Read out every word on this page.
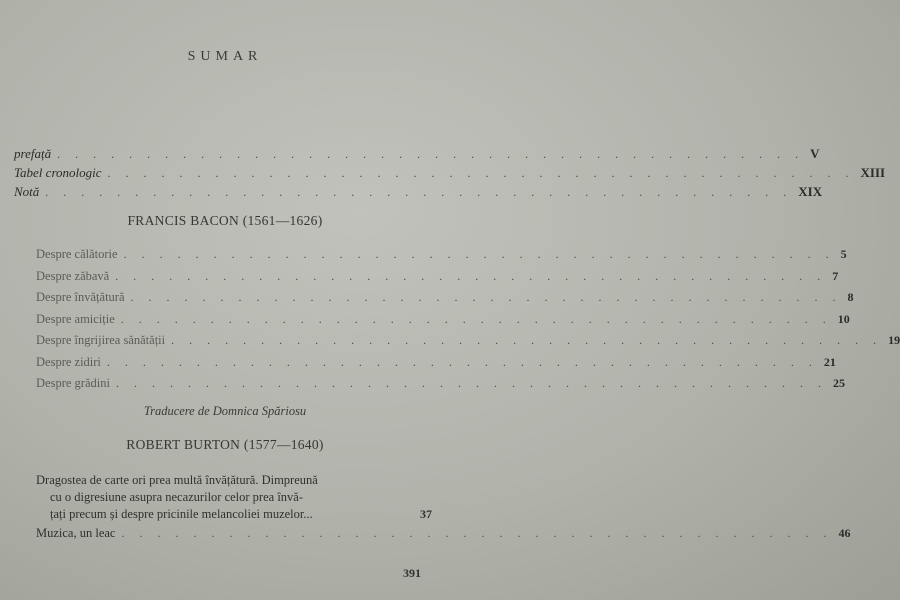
SUMAR
prefață . . . . . . . . . . . . . . . . . . . . . . . . . . . . . . . . . . . . . . . . . . V
Tabel cronologic . . . . . . . . . . . . . . . . . . . . . . . . . . . . . . . . . . . . . . . . . . XIII
Notă . . . . . . . . . . . . . . . . . . . . . . . . . . . . . . . . . . . . . . . . . . XIX
FRANCIS BACON (1561—1626)
Despre călătorie . . . . . . . . . . . . . . . . . . . . . . . . . . . . . . . . . . . . . . . . 5
Despre zăbavă . . . . . . . . . . . . . . . . . . . . . . . . . . . . . . . . . . . . . . . . 7
Despre învățătură . . . . . . . . . . . . . . . . . . . . . . . . . . . . . . . . . . . . . . . . 8
Despre amiciție . . . . . . . . . . . . . . . . . . . . . . . . . . . . . . . . . . . . . . . . 10
Despre îngrijirea sănătății . . . . . . . . . . . . . . . . . . . . . . . . . . . . . . . . . . . . . . . . 19
Despre zidiri . . . . . . . . . . . . . . . . . . . . . . . . . . . . . . . . . . . . . . . . 21
Despre grădini . . . . . . . . . . . . . . . . . . . . . . . . . . . . . . . . . . . . . . . . 25
Traducere de Domnica Spăriosu
ROBERT BURTON (1577—1640)
Dragostea de carte ori prea multă învățătură. Dimpreună
cu o digresiune asupra necazurilor celor prea învă-
țați precum și despre pricinile melancoliei muzelor...	37
Muzica, un leac . . . . . . . . . . . . . . . . . . . . . . . . . . . . . . . . . . . . . . . . 46
391
